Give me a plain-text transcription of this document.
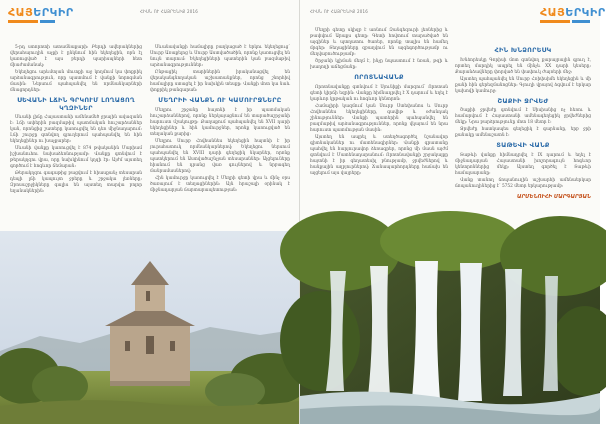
ՀԱՅԵՐԿԻՐ	ՀԻՍՆ ՈՒ ՀԱՅՐԵՆԻՔ 2016

5-րդ ստորոտի ատամնաքարի։ Բերդի ավերակներից վերահայուղին աչքի է ընկնում հին եկեղեցին, որն էլ կառուցված է այս բերդի պարիսպների հետ միաժամանակ։

Եկեղեցու արևմտյան մուտքի աջ կողմում կա փոքրիկ արձանագրություն, որը պատմում է վանքի նորոգման մասին։ Ներսում պահպանվել են որմնանկարների մնացորդներ։

ՍԵՎԱՆԻ ԼՃԻՆ ԳՐԿՈՒՄ ԼՈՂԱՑՈՂ ԿՂԶԻՆԵՐ

Սևանի լիճը Հայաստանի ամենամեծ ջրային ավազանն է։ Լճի ափերին բազմաթիվ պատմական հուշարձաններ կան, որոնցից շատերը կառուցվել են դեռ միջնադարում։ Լճի շուրջը գտնվող գյուղերում պահպանվել են հին եկեղեցիներ ու խաչքարեր։

Սևանի վանքը կառուցվել է 874 թվականին Մարիամ իշխանուհու նախաձեռնությամբ։ Վանքը գտնվում է թերակղզու վրա, որը նախկինում կղզի էր։ Այժմ այստեղ գործում է հոգևոր ճեմարան։

Թերակղզու գագաթից բացվում է հիասքանչ տեսարան դեպի լճի կապույտ ջրերը և շրջակա լեռները։ Զբոսաշրջիկները գալիս են այստեղ տարվա բոլոր եղանակներին։

Սևանավանքի համալիրը բաղկացած է երկու եկեղեցուց՝ Սուրբ Առաքելոց և Սուրբ Աստվածածին, որոնք կառուցվել են նույն տարում։ Եկեղեցիների պատերին կան բազմաթիվ արձանագրություններ։

Ընթացիկ տարիներին իրականացվել են վերականգնողական աշխատանքներ, որոնց շնորհիվ համալիրը ստացել է իր նախկին տեսքը։ Վանքի մոտ կա նաև փոքրիկ թանգարան։

ՄԵՂՐԻԻ ՎԱՆՔՆ ՈՒ ԿԱՄՈՒՐՋՆԵՐԸ

Մեղրու շրջանը հայտնի է իր պատմական հուշարձաններով, որոնք ներկայացնում են տարածաշրջանի հարուստ մշակույթը։ Քաղաքում պահպանվել են XVII դարի եկեղեցիներ և հին կամուրջներ, որոնք կառուցված են տեղական քարից։

Մեղրու Սուրբ Հովհաննես եկեղեցին հայտնի է իր յուրահատուկ որմնանկարներով։ Եկեղեցու ներսում պահպանվել են XVIII դարի գեղեցիկ նկարներ, որոնք պատկերում են Աստվածաշնչյան տեսարաններ։ Այցելուները հիանում են դրանց վառ գույներով և նրբագեղ մանրամասներով։

Հին կամուրջը կառուցվել է Մեղրի գետի վրա և մինչ օրս ծառայում է տեղացիներին։ Այն հրաշալի օրինակ է միջնադարյան ճարտարապետության։

ՀԻՍՆ ՈՒ ՀԱՅՐԵՆԻՔ 2016	ՀԱՅԵՐԿԻՐ

Մեղրի գետը սկիզբ է առնում Զանգեզուրի լեռներից և թափվում Արաքս գետը։ Գետի հովտում տարածված են այգիներ և պտղատու ծառեր, որոնք տալիս են համեղ մրգեր։ Տեղացիները զբաղվում են այգեգործությամբ ու մեղվաբուծությամբ։

Շրջանի կլիման մեղմ է, ինչը նպաստում է նռան, թզի և խաղողի աճեցմանը։

ՈՐՈՏՆԱՎԱՆՔ

Որոտնավանքը գտնվում է Սյունիքի մարզում՝ Որոտան գետի կիրճի եզրին։ Վանքը հիմնադրվել է X դարում և եղել է կարևոր կրթական ու հոգևոր կենտրոն։

Համալիրի կազմում կան Սուրբ Ստեփանոս և Սուրբ Հովհաննես եկեղեցիները, գավիթ և օժանդակ շինություններ։ Վանքի պատերին պահպանվել են բազմաթիվ արձանագրություններ, որոնք վկայում են նրա հարուստ պատմության մասին։

Այստեղ են ապրել և ստեղծագործել նշանավոր գիտնականներ ու մատենագիրներ։ Վանքի գրատանը պահվել են հարյուրավոր ձեռագրեր, որոնց մի մասն այժմ գտնվում է Մատենադարանում։ Որոտնավանքի շրջակայքը հայտնի է իր գեղատեսիլ բնությամբ, ջրվեժներով և հանքային աղբյուրներով։ Ճանապարհորդները հաճախ են այցելում այս վայրերը։

ՀԻՆ ԽՆՁՈՐԵՍԿ

Խնձորեսկը Գորիսի մոտ գտնվող քարայրային գյուղ է, որտեղ մարդիկ ապրել են մինչև XX դարի կեսերը։ Քարանձավները փորված են փափուկ ժայռերի մեջ։

Այստեղ պահպանվել են Սուրբ Հռիփսիմե եկեղեցին և մի քանի հին գերեզմանոցներ։ Գյուղի վրայով ձգվում է երկար կախովի կամուրջ։

ՇԱՔԻԻ ՋՐՎԵԺ

Շաքիի ջրվեժը գտնվում է Սիսիանից ոչ հեռու և համարվում է Հայաստանի ամենագեղեցիկ ջրվեժներից մեկը։ Նրա բարձրությունը մոտ 18 մետր է։

Ջրվեժը հատկապես գեղեցիկ է գարնանը, երբ ջրի քանակը ամենաշատն է։

ՏԱԹԵՎԻ ՎԱՆՔ

Տաթևի վանքը հիմնադրվել է IX դարում և եղել է միջնադարյան Հայաստանի խոշորագույն հոգևոր կենտրոններից մեկը։ Այստեղ գործել է Տաթևի համալսարանը։

Վանք տանող ճոպանուղին աշխարհի ամենաերկար ճոպանուղիներից է՝ 5752 մետր երկարությամբ։

ԱՐՄԵՆՈՒՀԻ ՄԱՐԳԱՐՅԱՆ
